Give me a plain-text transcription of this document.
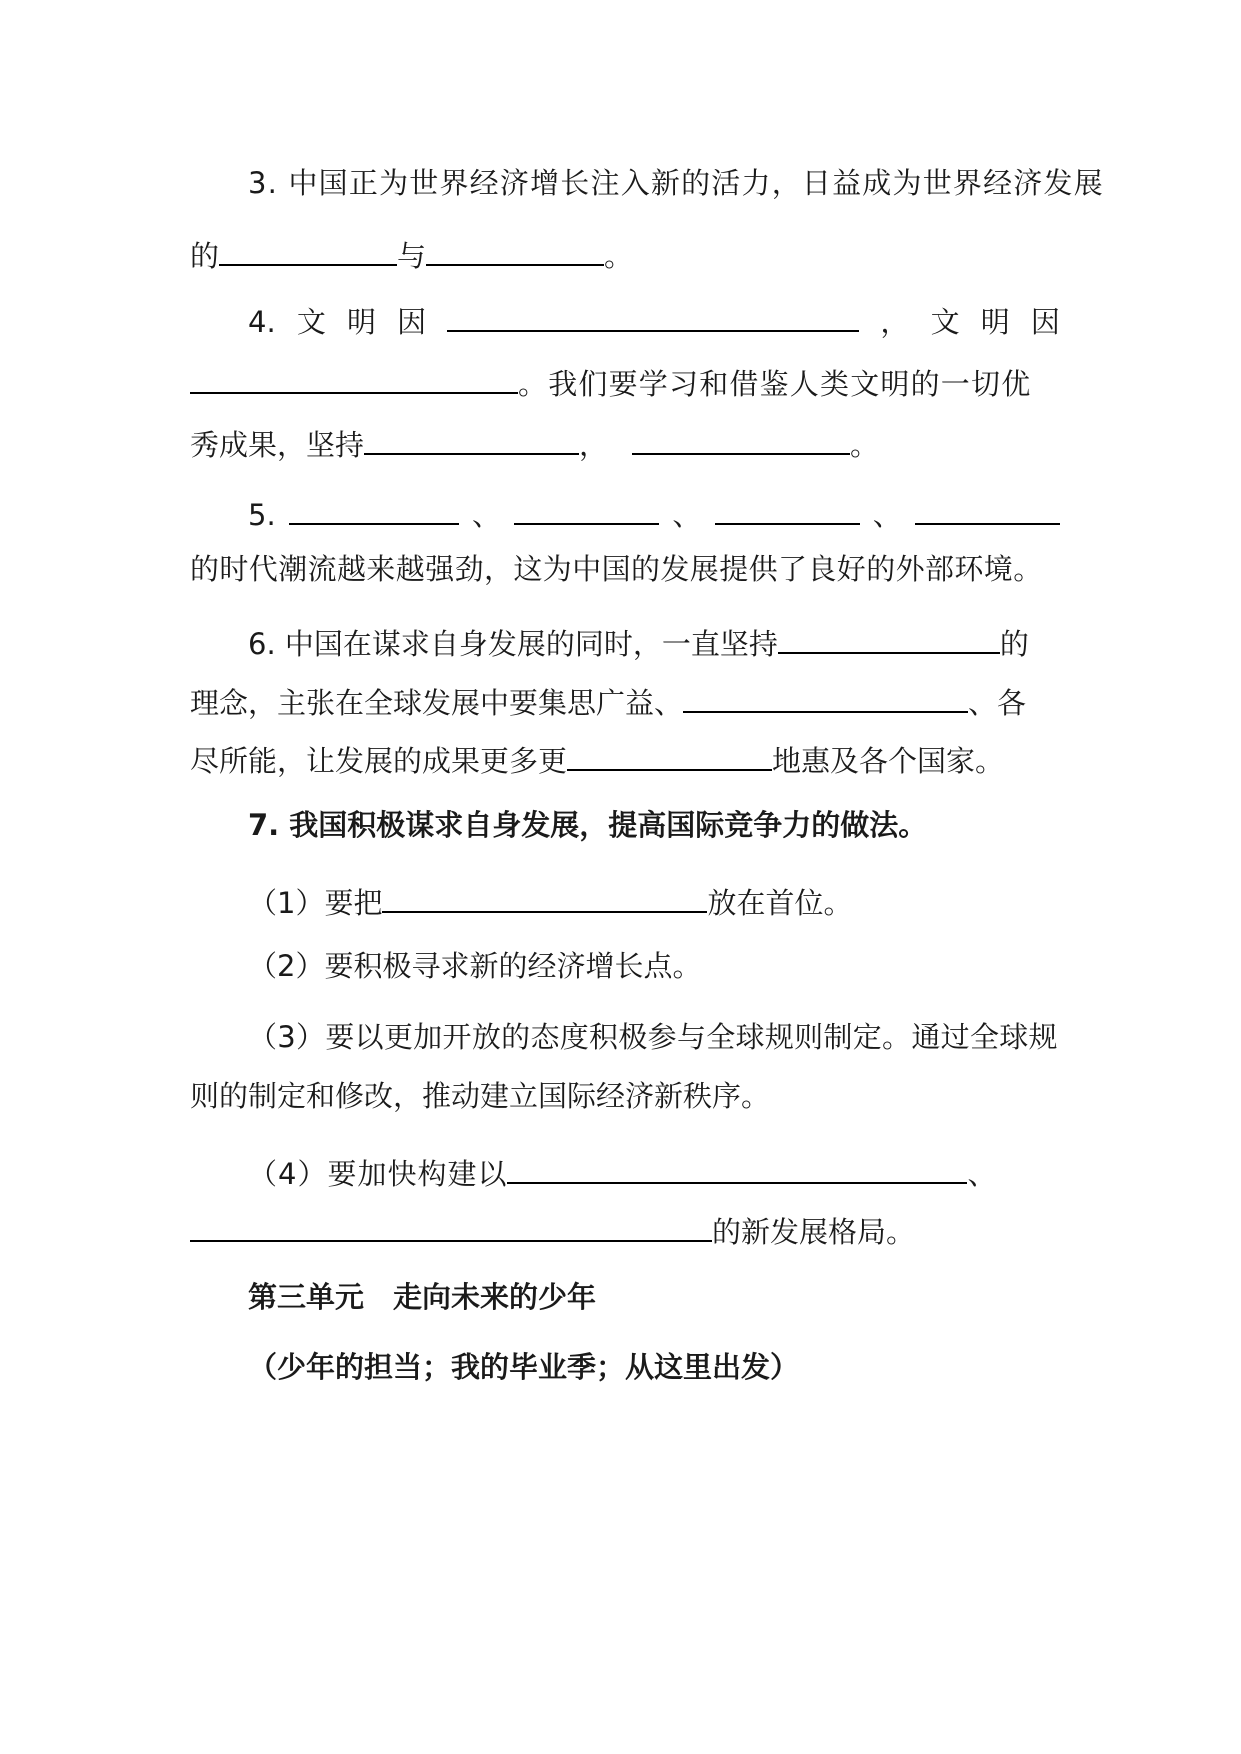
3. 中国正为世界经济增长注入新的活力，日益成为世界经济发展
的	与	。
4. 文 明 因	， 文 明 因
。我们要学习和借鉴人类文明的一切优
秀成果，坚持	，	。
5.	、	、	、
的时代潮流越来越强劲，这为中国的发展提供了良好的外部环境。
6. 中国在谋求自身发展的同时，一直坚持	的
理念，主张在全球发展中要集思广益、	、各
尽所能，让发展的成果更多更	地惠及各个国家。
7. 我国积极谋求自身发展，提高国际竞争力的做法。
（1）要把	放在首位。
（2）要积极寻求新的经济增长点。
（3）要以更加开放的态度积极参与全球规则制定。通过全球规
则的制定和修改，推动建立国际经济新秩序。
（4）要加快构建以	、
的新发展格局。
第三单元　走向未来的少年
（少年的担当；我的毕业季；从这里出发）
